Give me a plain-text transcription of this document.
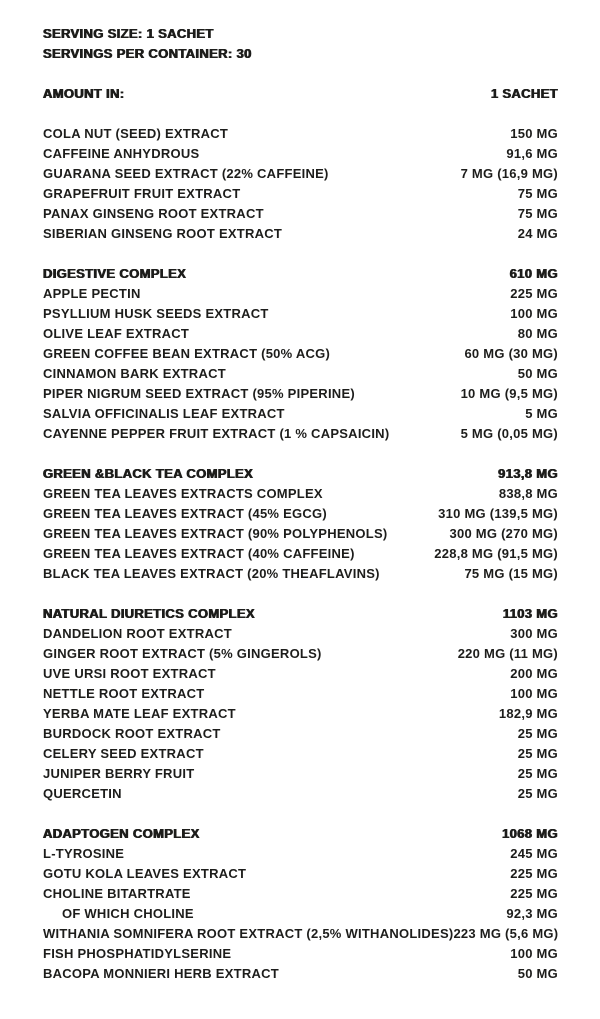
SERVING SIZE: 1 SACHET
SERVINGS PER CONTAINER: 30
AMOUNT IN:	1 SACHET
COLA NUT (SEED) EXTRACT	150 MG
CAFFEINE ANHYDROUS	91,6 MG
GUARANA SEED EXTRACT (22% CAFFEINE)	7 MG (16,9 MG)
GRAPEFRUIT FRUIT EXTRACT	75 MG
PANAX GINSENG ROOT EXTRACT	75 MG
SIBERIAN GINSENG ROOT EXTRACT	24 MG
DIGESTIVE COMPLEX	610 MG
APPLE PECTIN	225 MG
PSYLLIUM HUSK SEEDS EXTRACT	100 MG
OLIVE LEAF EXTRACT	80 MG
GREEN COFFEE BEAN EXTRACT (50% ACG)	60 MG (30 MG)
CINNAMON BARK EXTRACT	50 MG
PIPER NIGRUM SEED EXTRACT (95% PIPERINE)	10 MG (9,5 MG)
SALVIA OFFICINALIS LEAF EXTRACT	5 MG
CAYENNE PEPPER FRUIT EXTRACT (1 % CAPSAICIN)	5 MG (0,05 MG)
GREEN &BLACK TEA COMPLEX	913,8 MG
GREEN TEA LEAVES EXTRACTS COMPLEX	838,8 MG
GREEN TEA LEAVES EXTRACT (45% EGCG)	310 MG (139,5 MG)
GREEN TEA LEAVES EXTRACT (90% POLYPHENOLS)	300 MG (270 MG)
GREEN TEA LEAVES EXTRACT (40% CAFFEINE)	228,8 MG (91,5 MG)
BLACK TEA LEAVES EXTRACT (20% THEAFLAVINS)	75 MG (15 MG)
NATURAL DIURETICS COMPLEX	1103 MG
DANDELION ROOT EXTRACT	300 MG
GINGER ROOT EXTRACT (5% GINGEROLS)	220 MG (11 MG)
UVE URSI ROOT EXTRACT	200 MG
NETTLE ROOT EXTRACT	100 MG
YERBA MATE LEAF EXTRACT	182,9 MG
BURDOCK ROOT EXTRACT	25 MG
CELERY SEED EXTRACT	25 MG
JUNIPER BERRY FRUIT	25 MG
QUERCETIN	25 MG
ADAPTOGEN COMPLEX	1068 MG
L-TYROSINE	245 MG
GOTU KOLA LEAVES EXTRACT	225 MG
CHOLINE BITARTRATE	225 MG
OF WHICH CHOLINE	92,3 MG
WITHANIA SOMNIFERA ROOT EXTRACT (2,5% WITHANOLIDES) 223 MG (5,6 MG)
FISH PHOSPHATIDYLSERINE	100 MG
BACOPA MONNIERI HERB EXTRACT	50 MG
